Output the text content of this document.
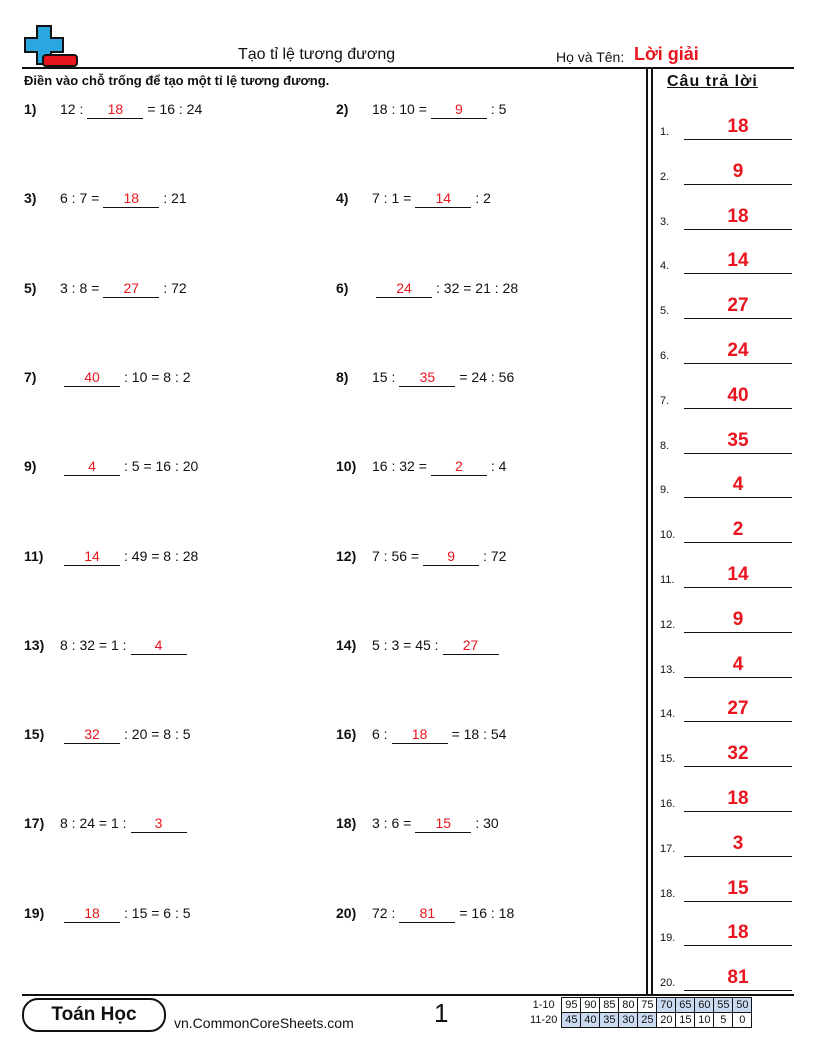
Tạo tỉ lệ tương đương	Họ và Tên: Lời giải
Điền vào chỗ trống để tạo một tỉ lệ tương đương.	Câu trả lời
1) 12 : 18 = 16 : 24	2) 18 : 10 = 9 : 5
3) 6 : 7 = 18 : 21	4) 7 : 1 = 14 : 2
5) 3 : 8 = 27 : 72	6)	24 : 32 = 21 : 28
7)	40 : 10 = 8 : 2	8) 15 : 35 = 24 : 56
9)	4 : 5 = 16 : 20	10) 16 : 32 = 2 : 4
11)	14 : 49 = 8 : 28	12) 7 : 56 = 9 : 72
13) 8 : 32 = 1 : 4	14) 5 : 3 = 45 : 27
15)	32 : 20 = 8 : 5	16) 6 : 18 = 18 : 54
17) 8 : 24 = 1 : 3	18) 3 : 6 = 15 : 30
19)	18 : 15 = 6 : 5	20) 72 : 81 = 16 : 18
1.	18
2.	9
3.	18
4.	14
5.	27
6.	24
7.	40
8.	35
9.	4
10.	2
11.	14
12.	9
13.	4
14.	27
15.	32
16.	18
17.	3
18.	15
19.	18
20.	81
Toán Học	vn.CommonCoreSheets.com	1	1-10	95	90	85	80	75	70	65	60	55	50
11-20	45	40	35	30	25	20	15	10	5	0
